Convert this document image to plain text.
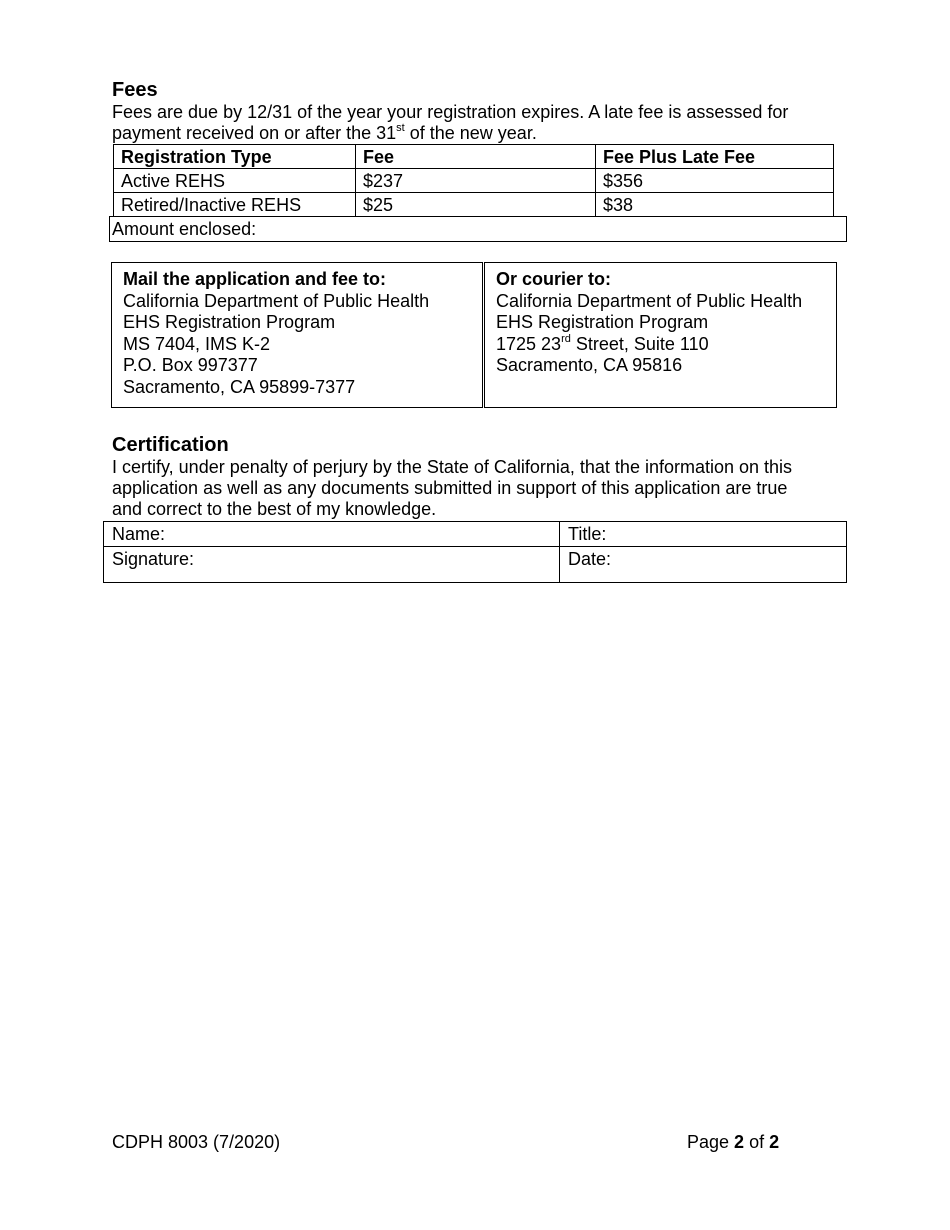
Fees
Fees are due by 12/31 of the year your registration expires. A late fee is assessed for
payment received on or after the 31st of the new year.
Registration Type	Fee	Fee Plus Late Fee
Active REHS	$237	$356
Retired/Inactive REHS	$25	$38
Amount enclosed:
Mail the application and fee to:
California Department of Public Health
EHS Registration Program
MS 7404, IMS K-2
P.O. Box 997377
Sacramento, CA 95899-7377
Or courier to:
California Department of Public Health
EHS Registration Program
1725 23rd Street, Suite 110
Sacramento, CA 95816
Certification
I certify, under penalty of perjury by the State of California, that the information on this
application as well as any documents submitted in support of this application are true
and correct to the best of my knowledge.
Name:	Title:
Signature:	Date:
CDPH 8003 (7/2020)	Page 2 of 2
